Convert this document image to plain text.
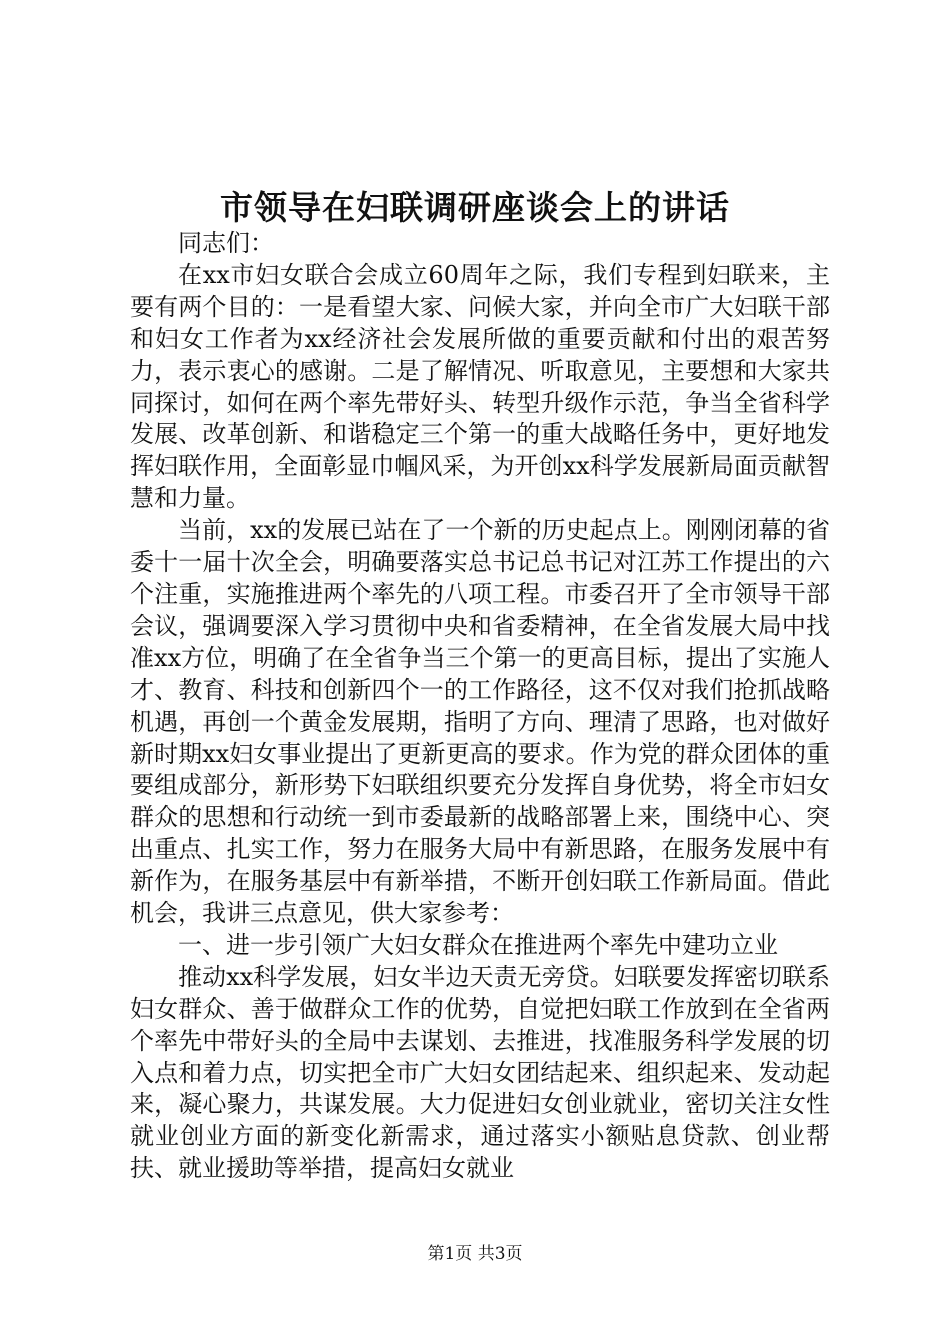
市领导在妇联调研座谈会上的讲话

同志们：

在xx市妇女联合会成立60周年之际，我们专程到妇联来，主要有两个目的：一是看望大家、问候大家，并向全市广大妇联干部和妇女工作者为xx经济社会发展所做的重要贡献和付出的艰苦努力，表示衷心的感谢。二是了解情况、听取意见，主要想和大家共同探讨，如何在两个率先带好头、转型升级作示范，争当全省科学发展、改革创新、和谐稳定三个第一的重大战略任务中，更好地发挥妇联作用，全面彰显巾帼风采，为开创xx科学发展新局面贡献智慧和力量。

当前，xx的发展已站在了一个新的历史起点上。刚刚闭幕的省委十一届十次全会，明确要落实总书记总书记对江苏工作提出的六个注重，实施推进两个率先的八项工程。市委召开了全市领导干部会议，强调要深入学习贯彻中央和省委精神，在全省发展大局中找准xx方位，明确了在全省争当三个第一的更高目标，提出了实施人才、教育、科技和创新四个一的工作路径，这不仅对我们抢抓战略机遇，再创一个黄金发展期，指明了方向、理清了思路，也对做好新时期xx妇女事业提出了更新更高的要求。作为党的群众团体的重要组成部分，新形势下妇联组织要充分发挥自身优势，将全市妇女群众的思想和行动统一到市委最新的战略部署上来，围绕中心、突出重点、扎实工作，努力在服务大局中有新思路，在服务发展中有新作为，在服务基层中有新举措，不断开创妇联工作新局面。借此机会，我讲三点意见，供大家参考：

一、进一步引领广大妇女群众在推进两个率先中建功立业

推动xx科学发展，妇女半边天责无旁贷。妇联要发挥密切联系妇女群众、善于做群众工作的优势，自觉把妇联工作放到在全省两个率先中带好头的全局中去谋划、去推进，找准服务科学发展的切入点和着力点，切实把全市广大妇女团结起来、组织起来、发动起来，凝心聚力，共谋发展。大力促进妇女创业就业，密切关注女性就业创业方面的新变化新需求，通过落实小额贴息贷款、创业帮扶、就业援助等举措，提高妇女就业

第1页 共3页
